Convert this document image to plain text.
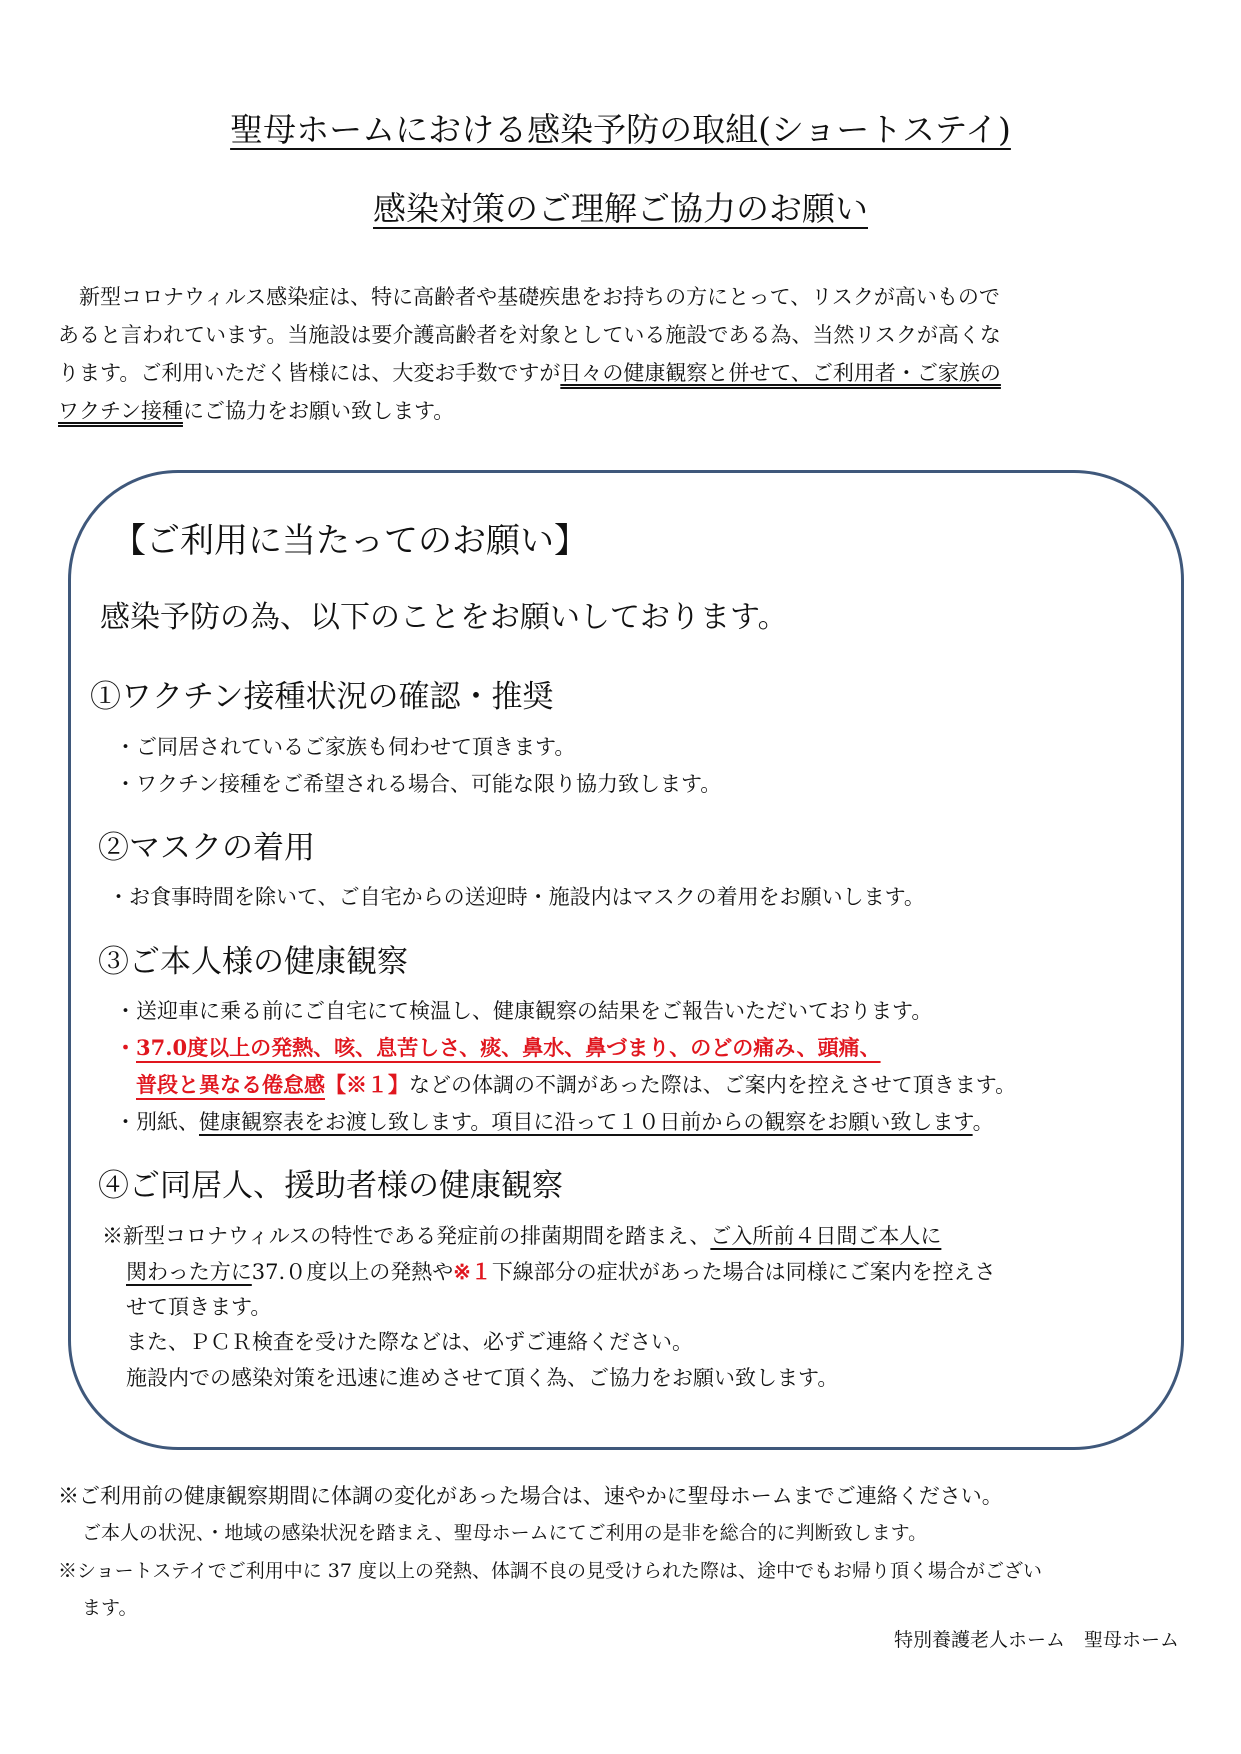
聖母ホームにおける感染予防の取組(ショートステイ)
感染対策のご理解ご協力のお願い
　新型コロナウィルス感染症は、特に高齢者や基礎疾患をお持ちの方にとって、リスクが高いもので
あると言われています。当施設は要介護高齢者を対象としている施設である為、当然リスクが高くな
ります。ご利用いただく皆様には、大変お手数ですが日々の健康観察と併せて、ご利用者・ご家族の
ワクチン接種にご協力をお願い致します。
【ご利用に当たってのお願い】
感染予防の為、以下のことをお願いしております。
①ワクチン接種状況の確認・推奨
・ご同居されているご家族も伺わせて頂きます。
・ワクチン接種をご希望される場合、可能な限り協力致します。
②マスクの着用
・お食事時間を除いて、ご自宅からの送迎時・施設内はマスクの着用をお願いします。
③ご本人様の健康観察
・送迎車に乗る前にご自宅にて検温し、健康観察の結果をご報告いただいております。
・37.0度以上の発熱、咳、息苦しさ、痰、鼻水、鼻づまり、のどの痛み、頭痛、
普段と異なる倦怠感【※１】などの体調の不調があった際は、ご案内を控えさせて頂きます。
・別紙、健康観察表をお渡し致します。項目に沿って１０日前からの観察をお願い致します。
④ご同居人、援助者様の健康観察
※新型コロナウィルスの特性である発症前の排菌期間を踏まえ、ご入所前４日間ご本人に
関わった方に37.０度以上の発熱や※１下線部分の症状があった場合は同様にご案内を控えさ
せて頂きます。
また、ＰＣＲ検査を受けた際などは、必ずご連絡ください。
施設内での感染対策を迅速に進めさせて頂く為、ご協力をお願い致します。
※ご利用前の健康観察期間に体調の変化があった場合は、速やかに聖母ホームまでご連絡ください。
ご本人の状況、・地域の感染状況を踏まえ、聖母ホームにてご利用の是非を総合的に判断致します。
※ショートステイでご利用中に 37 度以上の発熱、体調不良の見受けられた際は、途中でもお帰り頂く場合がござい
ます。
特別養護老人ホーム　聖母ホーム
